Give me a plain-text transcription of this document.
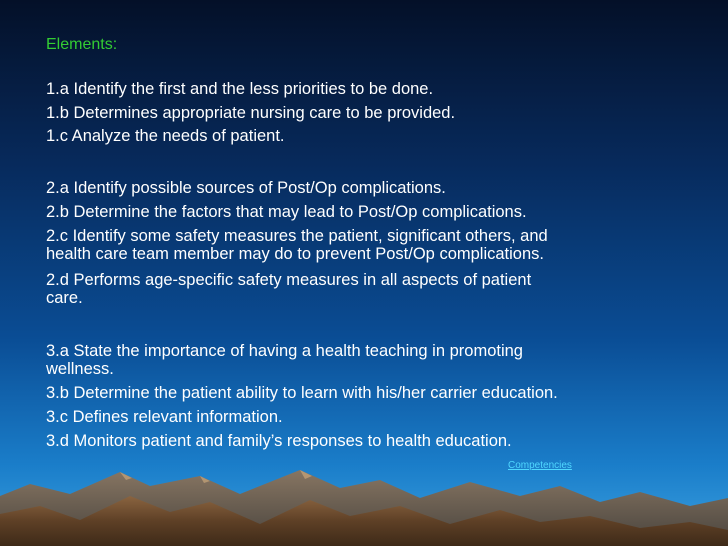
Elements:
1.a Identify the first and the less priorities to be done.
1.b Determines appropriate nursing care to be provided.
1.c Analyze the needs of patient.
2.a Identify possible sources of Post/Op complications.
2.b Determine the factors that may lead to Post/Op complications.
2.c Identify some safety measures the patient, significant others, and
health care team member may do to prevent Post/Op complications.
2.d Performs age-specific safety measures in all aspects of patient
care.
3.a State the importance of having a health teaching in promoting
wellness.
3.b Determine the patient ability to learn with his/her carrier education.
3.c Defines relevant information.
3.d Monitors patient and family’s responses to health education.
Competencies
